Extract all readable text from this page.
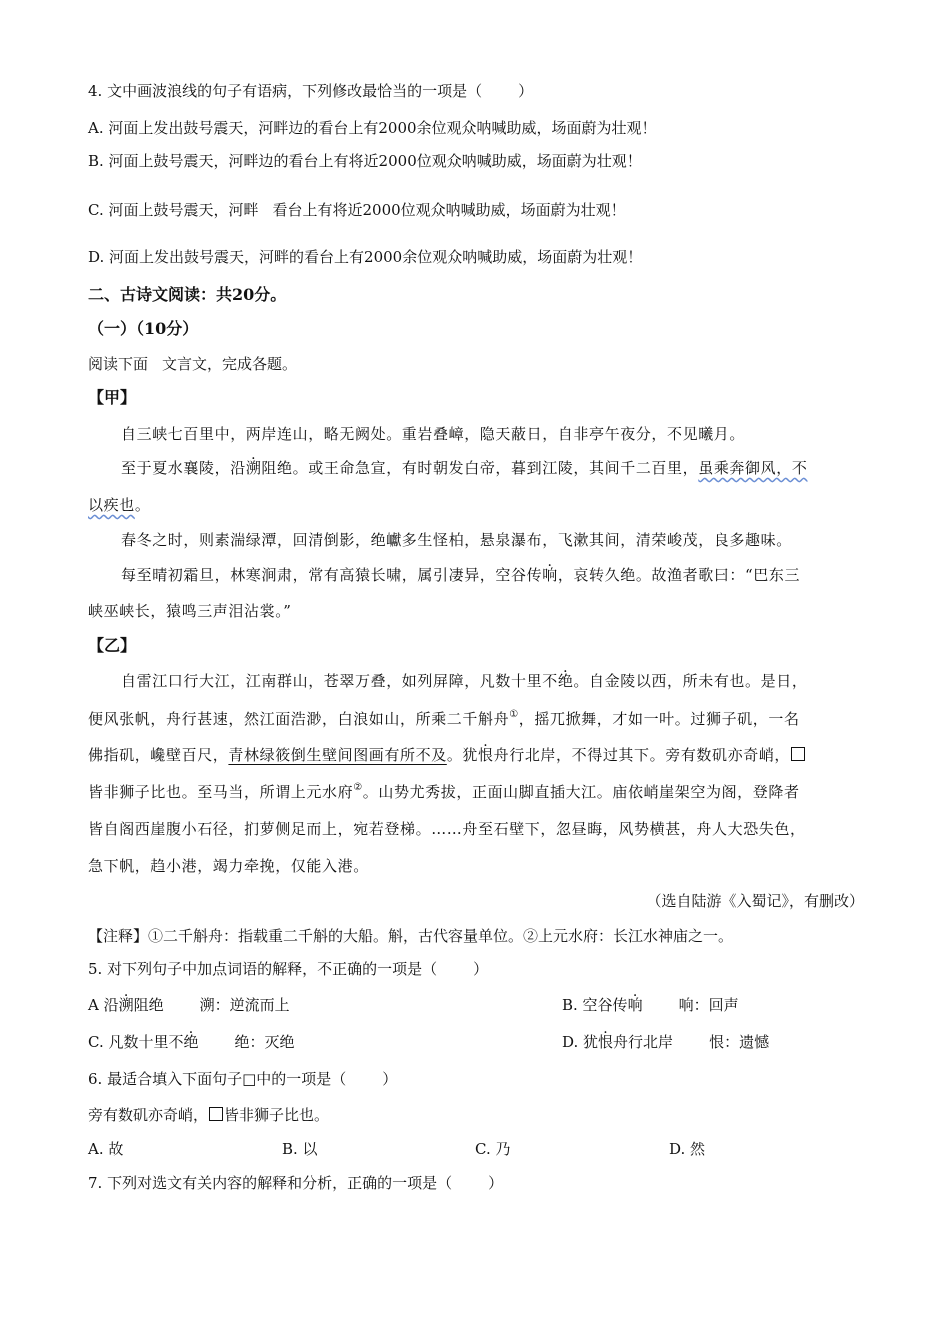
4. 文中画波浪线的句子有语病，下列修改最恰当的一项是（ ）
A. 河面上发出鼓号震天，河畔边的看台上有2000余位观众呐喊助威，场面蔚为壮观！
B. 河面上鼓号震天，河畔边的看台上有将近2000位观众呐喊助威，场面蔚为壮观！
C. 河面上鼓号震天，河畔 看台上有将近2000位观众呐喊助威，场面蔚为壮观！
D. 河面上发出鼓号震天，河畔的看台上有2000余位观众呐喊助威，场面蔚为壮观！
二、古诗文阅读：共20分。
（一）（10分）
阅读下面 文言文，完成各题。
【甲】
自三峡七百里中，两岸连山，略无阙处。重岩叠嶂，隐天蔽日，自非亭午夜分，不见曦月。
至于夏水襄陵，沿溯阻绝。或王命急宣，有时朝发白帝，暮到江陵，其间千二百里，虽乘奔御风，不
以疾也。
春冬之时，则素湍绿潭，回清倒影，绝巘多生怪柏，悬泉瀑布，飞漱其间，清荣峻茂，良多趣味。
每至晴初霜旦，林寒涧肃，常有高猿长啸，属引凄异，空谷传响，哀转久绝。故渔者歌曰：“巴东三
峡巫峡长，猿鸣三声泪沾裳。”
【乙】
自雷江口行大江，江南群山，苍翠万叠，如列屏障，凡数十里不绝。自金陵以西，所未有也。是日，
便风张帆，舟行甚速，然江面浩渺，白浪如山，所乘二千斛舟①，摇兀掀舞，才如一叶。过狮子矶，一名
佛指矶，巉壁百尺，青林绿筱倒生壁间图画有所不及。犹恨舟行北岸，不得过其下。旁有数矶亦奇峭，
皆非狮子比也。至马当，所谓上元水府②。山势尤秀拔，正面山脚直插大江。庙依峭崖架空为阁，登降者
皆自阁西崖腹小石径，扪萝侧足而上，宛若登梯。……舟至石壁下，忽昼晦，风势横甚，舟人大恐失色，
急下帆，趋小港，竭力牵挽，仅能入港。
（选自陆游《入蜀记》，有删改）
【注释】①二千斛舟：指载重二千斛的大船。斛，古代容量单位。②上元水府：长江水神庙之一。
5. 对下列句子中加点词语的解释，不正确的一项是（ ）
A 沿溯阻绝 溯：逆流而上	B. 空谷传响 响：回声
C. 凡数十里不绝 绝：灭绝	D. 犹恨舟行北岸 恨：遗憾
6. 最适合填入下面句子□中的一项是（ ）
旁有数矶亦奇峭， 皆非狮子比也。
A. 故	B. 以	C. 乃	D. 然
7. 下列对选文有关内容的解释和分析，正确的一项是（ ）
